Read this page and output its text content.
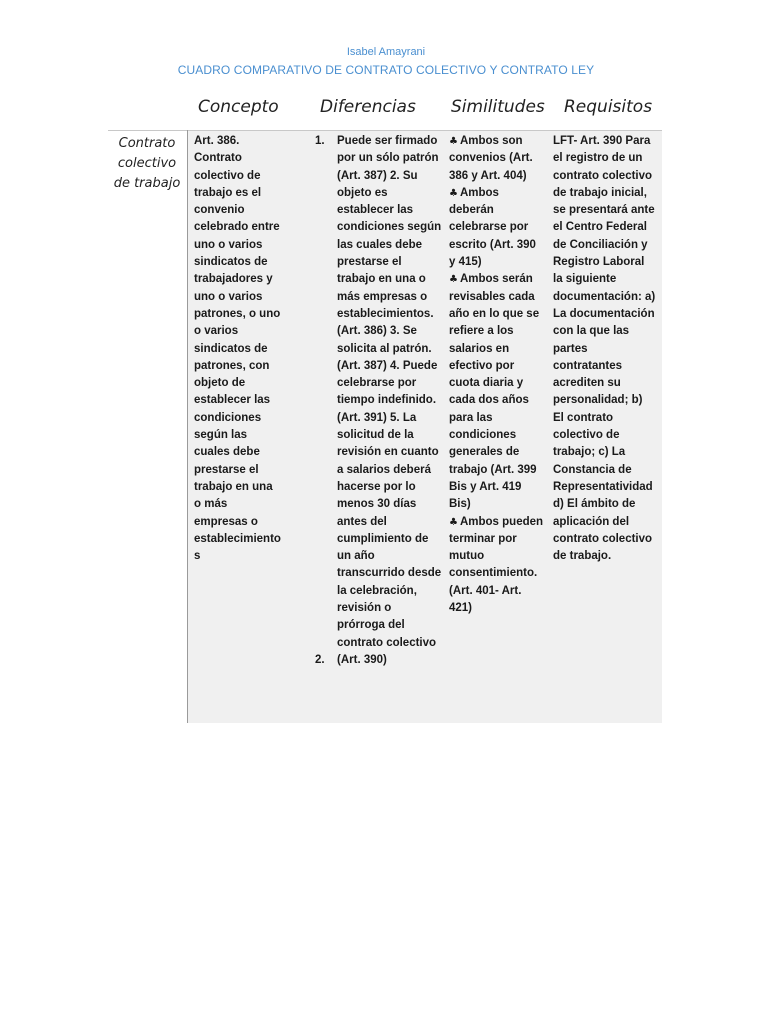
Isabel Amayrani
CUADRO COMPARATIVO DE CONTRATO COLECTIVO Y CONTRATO LEY
Concepto Diferencias Similitudes Requisitos
Contrato colectivo de trabajo
Art. 386. Contrato colectivo de trabajo es el convenio celebrado entre uno o varios sindicatos de trabajadores y uno o varios patrones, o uno o varios sindicatos de patrones, con objeto de establecer las condiciones según las cuales debe prestarse el trabajo en una o más empresas o establecimientos
1. Puede ser firmado por un sólo patrón (Art. 387) 2. Su objeto es establecer las condiciones según las cuales debe prestarse el trabajo en una o más empresas o establecimientos. (Art. 386) 3. Se solicita al patrón. (Art. 387) 4. Puede celebrarse por tiempo indefinido. (Art. 391) 5. La solicitud de la revisión en cuanto a salarios deberá hacerse por lo menos 30 días antes del cumplimiento de un año transcurrido desde la celebración, revisión o prórroga del contrato colectivo
2. (Art. 390)
♣ Ambos son convenios (Art. 386 y Art. 404)
♣ Ambos deberán celebrarse por escrito (Art. 390 y 415)
♣ Ambos serán revisables cada año en lo que se refiere a los salarios en efectivo por cuota diaria y cada dos años para las condiciones generales de trabajo (Art. 399 Bis y Art. 419 Bis)
♣ Ambos pueden terminar por mutuo consentimiento. (Art. 401- Art. 421)
LFT- Art. 390 Para el registro de un contrato colectivo de trabajo inicial, se presentará ante el Centro Federal de Conciliación y Registro Laboral la siguiente documentación: a) La documentación con la que las partes contratantes acrediten su personalidad; b) El contrato colectivo de trabajo; c) La Constancia de Representatividad d) El ámbito de aplicación del contrato colectivo de trabajo.
